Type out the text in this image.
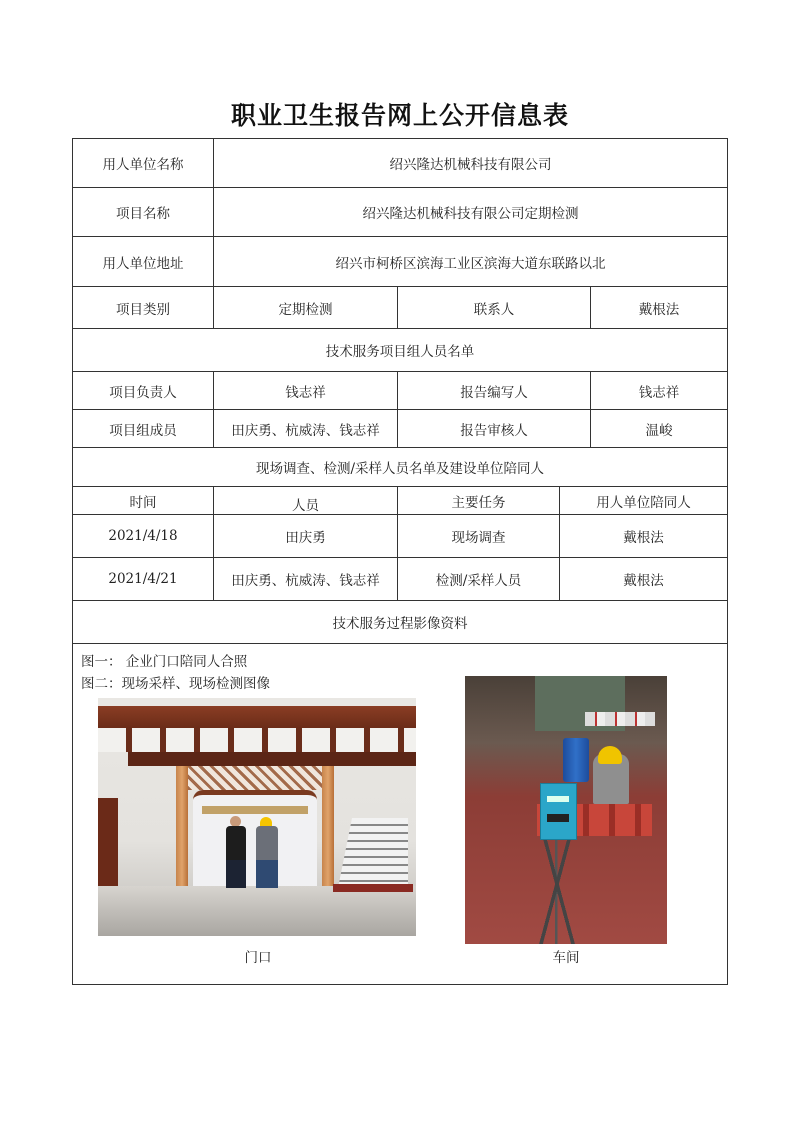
职业卫生报告网上公开信息表
用人单位名称	绍兴隆达机械科技有限公司
项目名称	绍兴隆达机械科技有限公司定期检测
用人单位地址	绍兴市柯桥区滨海工业区滨海大道东联路以北
项目类别	定期检测	联系人	戴根法
技术服务项目组人员名单
项目负责人	钱志祥	报告编写人	钱志祥
项目组成员	田庆勇、杭威涛、钱志祥	报告审核人	温峻
现场调查、检测/采样人员名单及建设单位陪同人
时间	人员	主要任务	用人单位陪同人
2021/4/18	田庆勇	现场调查	戴根法
2021/4/21	田庆勇、杭威涛、钱志祥	检测/采样人员	戴根法
技术服务过程影像资料
图一： 企业门口陪同人合照
图二：现场采样、现场检测图像
门口	车间
